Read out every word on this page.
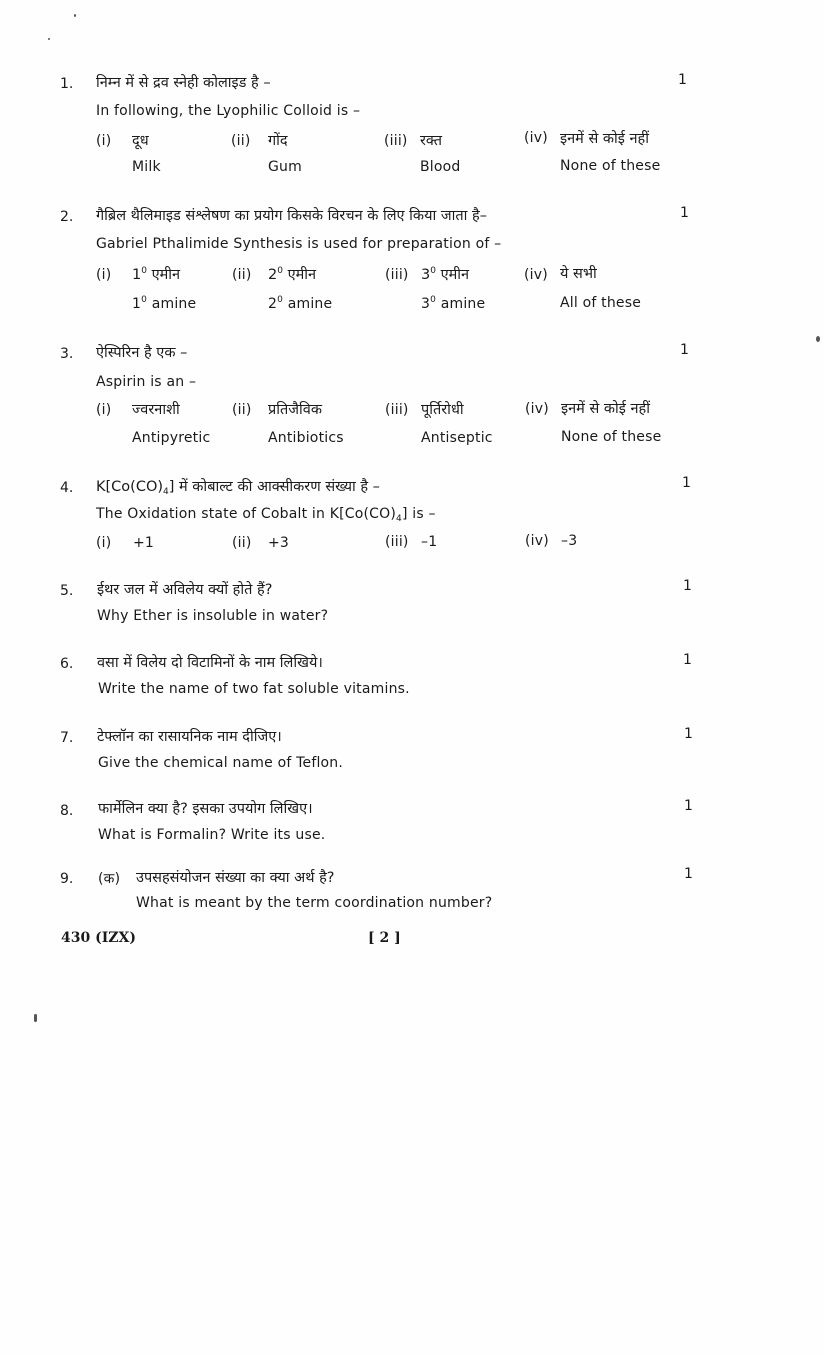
1. निम्न में से द्रव स्नेही कोलाइड है –	1
In following, the Lyophilic Colloid is –
(i) दूध
Milk
(ii) गोंद
Gum
(iii) रक्त
Blood
(iv) इनमें से कोई नहीं
None of these
2. गैब्रिल थैलिमाइड संश्लेषण का प्रयोग किसके विरचन के लिए किया जाता है–	1
Gabriel Pthalimide Synthesis is used for preparation of –
(i) $1^0$ एमीन
$1^0$ amine
(ii) $2^0$ एमीन
$2^0$ amine
(iii) $3^0$ एमीन
$3^0$ amine
(iv) ये सभी
All of these
3. ऐस्पिरिन है एक –	1
Aspirin is an –
(i) ज्वरनाशी
Antipyretic
(ii) प्रतिजैविक
Antibiotics
(iii) पूर्तिरोधी
Antiseptic
(iv) इनमें से कोई नहीं
None of these
4. $K[Co(CO)_4]$ में कोबाल्ट की आक्सीकरण संख्या है –	1
The Oxidation state of Cobalt in $K[Co(CO)_4]$ is –
(i) +1	(ii) +3	(iii) –1	(iv) –3
5. ईथर जल में अविलेय क्यों होते हैं?	1
Why Ether is insoluble in water?
6. वसा में विलेय दो विटामिनों के नाम लिखिये।	1
Write the name of two fat soluble vitamins.
7. टेफ्लॉन का रासायनिक नाम दीजिए।	1
Give the chemical name of Teflon.
8. फार्मेलिन क्या है? इसका उपयोग लिखिए।	1
What is Formalin? Write its use.
9. (क) उपसहसंयोजन संख्या का क्या अर्थ है?	1
What is meant by the term coordination number?
430 (IZX)	[ 2 ]
